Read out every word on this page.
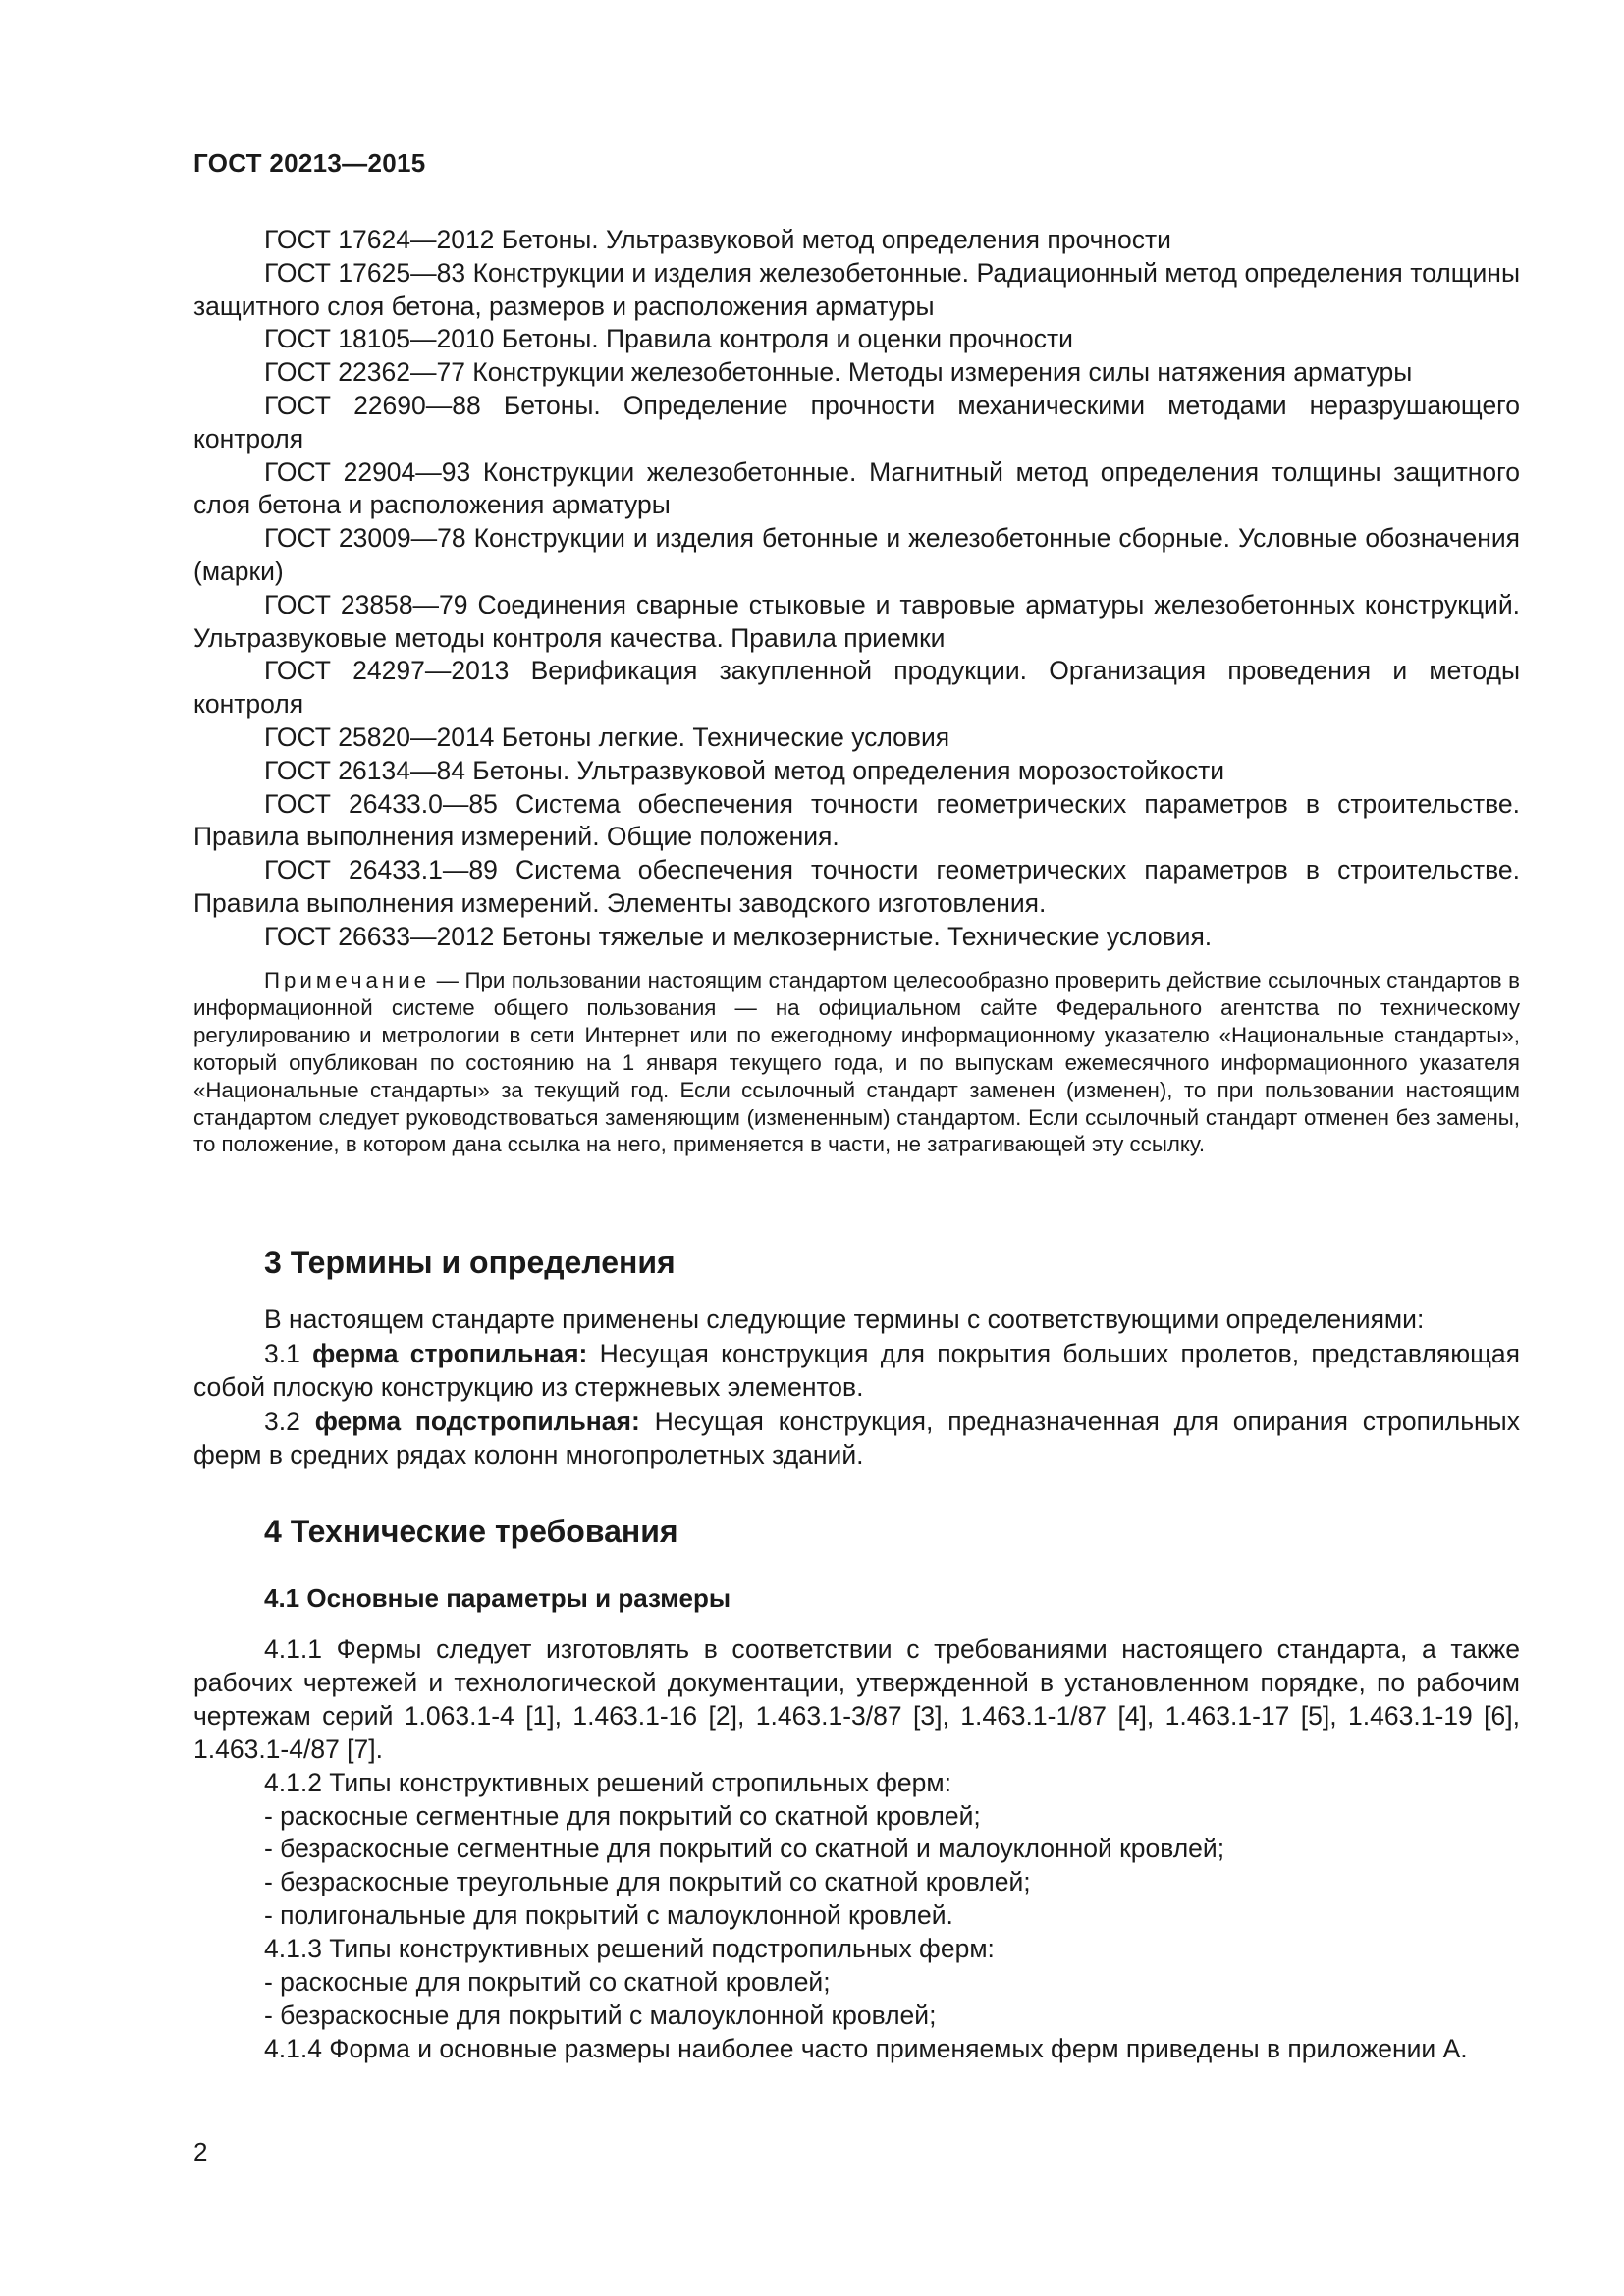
ГОСТ 20213—2015

ГОСТ 17624—2012 Бетоны. Ультразвуковой метод определения прочности

ГОСТ 17625—83 Конструкции и изделия железобетонные. Радиационный метод определения толщины защитного слоя бетона, размеров и расположения арматуры

ГОСТ 18105—2010 Бетоны. Правила контроля и оценки прочности

ГОСТ 22362—77 Конструкции железобетонные. Методы измерения силы натяжения арматуры

ГОСТ 22690—88 Бетоны. Определение прочности механическими методами неразрушающего контроля

ГОСТ 22904—93 Конструкции железобетонные. Магнитный метод определения толщины защитного слоя бетона и расположения арматуры

ГОСТ 23009—78 Конструкции и изделия бетонные и железобетонные сборные. Условные обозначения (марки)

ГОСТ 23858—79 Соединения сварные стыковые и тавровые арматуры железобетонных конструкций. Ультразвуковые методы контроля качества. Правила приемки

ГОСТ 24297—2013 Верификация закупленной продукции. Организация проведения и методы контроля

ГОСТ 25820—2014 Бетоны легкие. Технические условия

ГОСТ 26134—84 Бетоны. Ультразвуковой метод определения морозостойкости

ГОСТ 26433.0—85 Система обеспечения точности геометрических параметров в строительстве. Правила выполнения измерений. Общие положения.

ГОСТ 26433.1—89 Система обеспечения точности геометрических параметров в строительстве. Правила выполнения измерений. Элементы заводского изготовления.

ГОСТ 26633—2012 Бетоны тяжелые и мелкозернистые. Технические условия.

Примечание — При пользовании настоящим стандартом целесообразно проверить действие ссылочных стандартов в информационной системе общего пользования — на официальном сайте Федерального агентства по техническому регулированию и метрологии в сети Интернет или по ежегодному информационному указателю «Национальные стандарты», который опубликован по состоянию на 1 января текущего года, и по выпускам ежемесячного информационного указателя «Национальные стандарты» за текущий год. Если ссылочный стандарт заменен (изменен), то при пользовании настоящим стандартом следует руководствоваться заменяющим (измененным) стандартом. Если ссылочный стандарт отменен без замены, то положение, в котором дана ссылка на него, применяется в части, не затрагивающей эту ссылку.

3 Термины и определения

В настоящем стандарте применены следующие термины с соответствующими определениями:

3.1 ферма стропильная: Несущая конструкция для покрытия больших пролетов, представляющая собой плоскую конструкцию из стержневых элементов.

3.2 ферма подстропильная: Несущая конструкция, предназначенная для опирания стропильных ферм в средних рядах колонн многопролетных зданий.

4 Технические требования
4.1 Основные параметры и размеры

4.1.1 Фермы следует изготовлять в соответствии с требованиями настоящего стандарта, а также рабочих чертежей и технологической документации, утвержденной в установленном порядке, по рабочим чертежам серий 1.063.1-4 [1], 1.463.1-16 [2], 1.463.1-3/87 [3], 1.463.1-1/87 [4], 1.463.1-17 [5], 1.463.1-19 [6], 1.463.1-4/87 [7].

4.1.2 Типы конструктивных решений стропильных ферм:

- раскосные сегментные для покрытий со скатной кровлей;

- безраскосные сегментные для покрытий со скатной и малоуклонной кровлей;

- безраскосные треугольные для покрытий со скатной кровлей;

- полигональные для покрытий с малоуклонной кровлей.

4.1.3 Типы конструктивных решений подстропильных ферм:

- раскосные для покрытий со скатной кровлей;

- безраскосные для покрытий с малоуклонной кровлей;

4.1.4 Форма и основные размеры наиболее часто применяемых ферм приведены в приложении А.

2
